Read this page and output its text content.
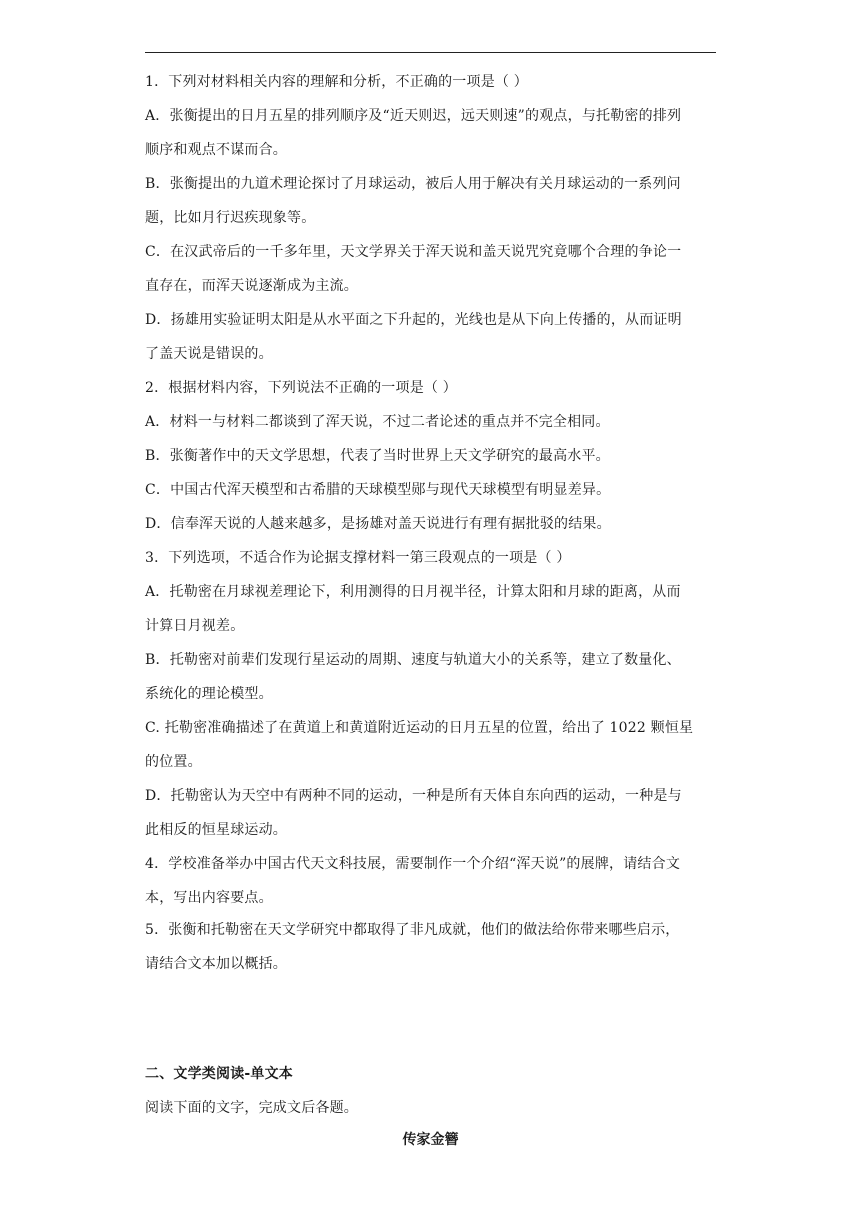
1．下列对材料相关内容的理解和分析，不正确的一项是（ ）
A．张衡提出的日月五星的排列顺序及“近天则迟，远天则速”的观点，与托勒密的排列
顺序和观点不谋而合。
B．张衡提出的九道术理论探讨了月球运动，被后人用于解决有关月球运动的一系列问
题，比如月行迟疾现象等。
C．在汉武帝后的一千多年里，天文学界关于浑天说和盖天说咒究竟哪个合理的争论一
直存在，而浑天说逐渐成为主流。
D．扬雄用实验证明太阳是从水平面之下升起的，光线也是从下向上传播的，从而证明
了盖天说是错误的。
2．根据材料内容，下列说法不正确的一项是（ ）
A．材料一与材料二都谈到了浑天说，不过二者论述的重点并不完全相同。
B．张衡著作中的天文学思想，代表了当时世界上天文学研究的最高水平。
C．中国古代浑天模型和古希腊的天球模型郧与现代天球模型有明显差异。
D．信奉浑天说的人越来越多，是扬雄对盖天说进行有理有据批驳的结果。
3．下列选项，不适合作为论据支撑材料一第三段观点的一项是（ ）
A．托勒密在月球视差理论下，利用测得的日月视半径，计算太阳和月球的距离，从而
计算日月视差。
B．托勒密对前辈们发现行星运动的周期、速度与轨道大小的关系等，建立了数量化、
系统化的理论模型。
C. 托勒密准确描述了在黄道上和黄道附近运动的日月五星的位置，给出了 1022 颗恒星
的位置。
D．托勒密认为天空中有两种不同的运动，一种是所有天体自东向西的运动，一种是与
此相反的恒星球运动。
4．学校准备举办中国古代天文科技展，需要制作一个介绍“浑天说”的展牌，请结合文
本，写出内容要点。
5．张衡和托勒密在天文学研究中都取得了非凡成就，他们的做法给你带来哪些启示，
请结合文本加以概括。
二、文学类阅读-单文本
阅读下面的文字，完成文后各题。
传家金簪
